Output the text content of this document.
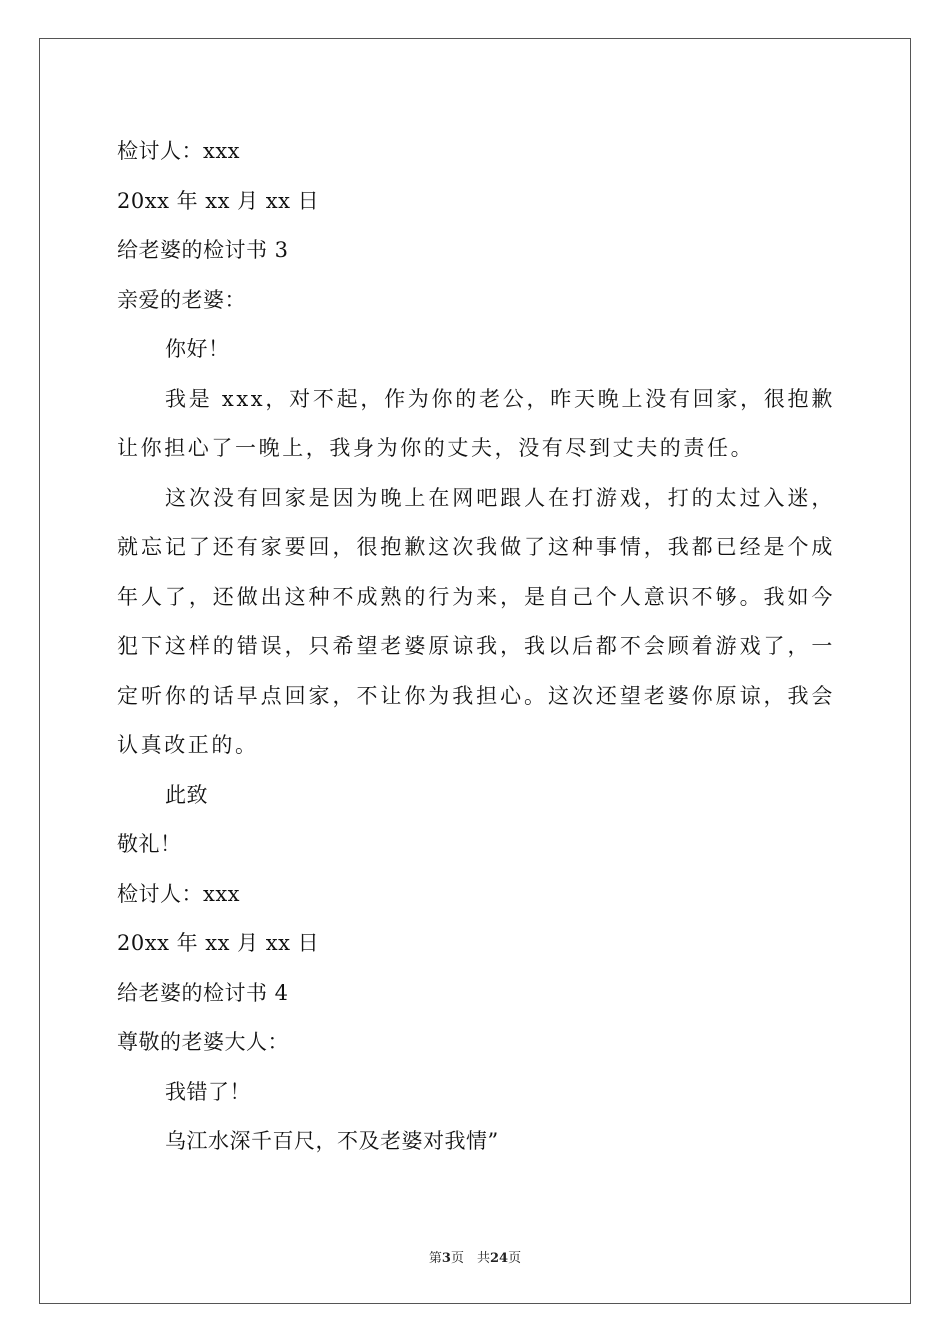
检讨人：xxx
20xx 年 xx 月 xx 日
给老婆的检讨书 3
亲爱的老婆：
你好！
我是 xxx，对不起，作为你的老公，昨天晚上没有回家，很抱歉让你担心了一晚上，我身为你的丈夫，没有尽到丈夫的责任。
这次没有回家是因为晚上在网吧跟人在打游戏，打的太过入迷，就忘记了还有家要回，很抱歉这次我做了这种事情，我都已经是个成年人了，还做出这种不成熟的行为来，是自己个人意识不够。我如今犯下这样的错误，只希望老婆原谅我，我以后都不会顾着游戏了，一定听你的话早点回家，不让你为我担心。这次还望老婆你原谅，我会认真改正的。
此致
敬礼！
检讨人：xxx
20xx 年 xx 月 xx 日
给老婆的检讨书 4
尊敬的老婆大人：
我错了！
乌江水深千百尺，不及老婆对我情”
第3页　共24页
